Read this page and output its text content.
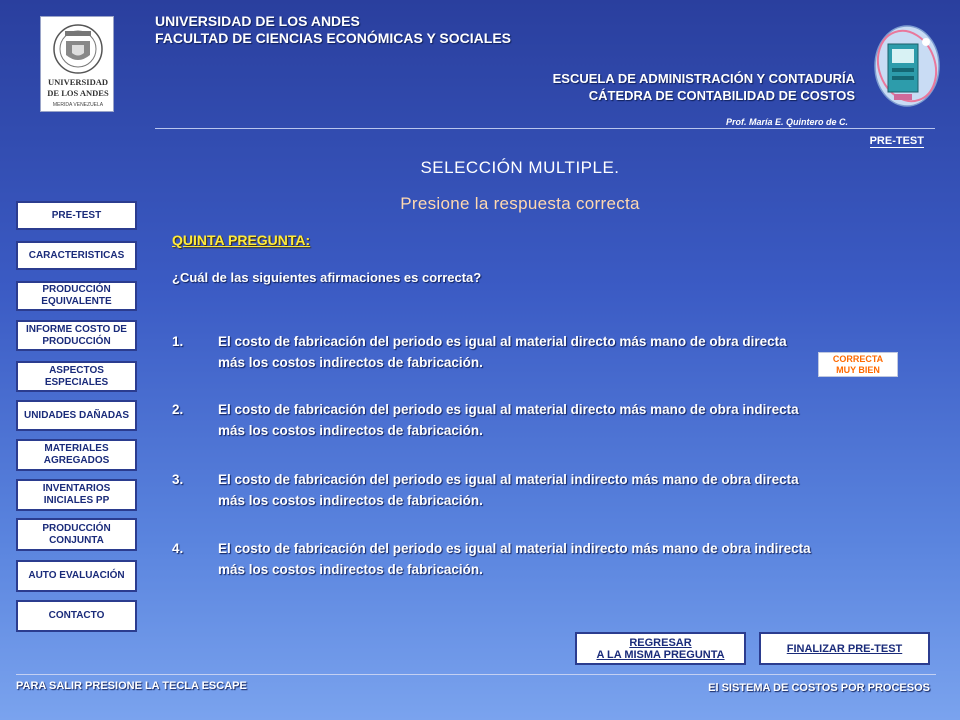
UNIVERSIDAD
DE LOS ANDES
MERIDA VENEZUELA
UNIVERSIDAD DE LOS ANDES
FACULTAD DE CIENCIAS ECONÓMICAS Y SOCIALES
ESCUELA DE ADMINISTRACIÓN Y CONTADURÍA
CÁTEDRA DE CONTABILIDAD DE COSTOS
Prof. María E. Quintero de C.
PRE-TEST
SELECCIÓN MULTIPLE.
Presione la respuesta correcta
QUINTA PREGUNTA:
¿Cuál de las siguientes afirmaciones es correcta?
1.	El costo de fabricación del periodo es igual al material directo más mano de obra directa más los costos indirectos de fabricación.
2.	El costo de fabricación del periodo es igual al material directo más mano de obra indirecta más los costos indirectos de fabricación.
3.	El costo de fabricación del periodo es igual al material indirecto más mano de obra directa más los costos indirectos de fabricación.
4.	El costo de fabricación del periodo es igual al material indirecto más mano de obra indirecta más los costos indirectos de fabricación.
CORRECTA
MUY BIEN
PRE-TEST
CARACTERISTICAS
PRODUCCIÓN EQUIVALENTE
INFORME COSTO DE PRODUCCIÓN
ASPECTOS ESPECIALES
UNIDADES DAÑADAS
MATERIALES AGREGADOS
INVENTARIOS INICIALES PP
PRODUCCIÓN CONJUNTA
AUTO EVALUACIÓN
CONTACTO
REGRESAR
A LA MISMA PREGUNTA	FINALIZAR PRE-TEST
PARA SALIR PRESIONE LA TECLA ESCAPE	El SISTEMA DE COSTOS POR PROCESOS
